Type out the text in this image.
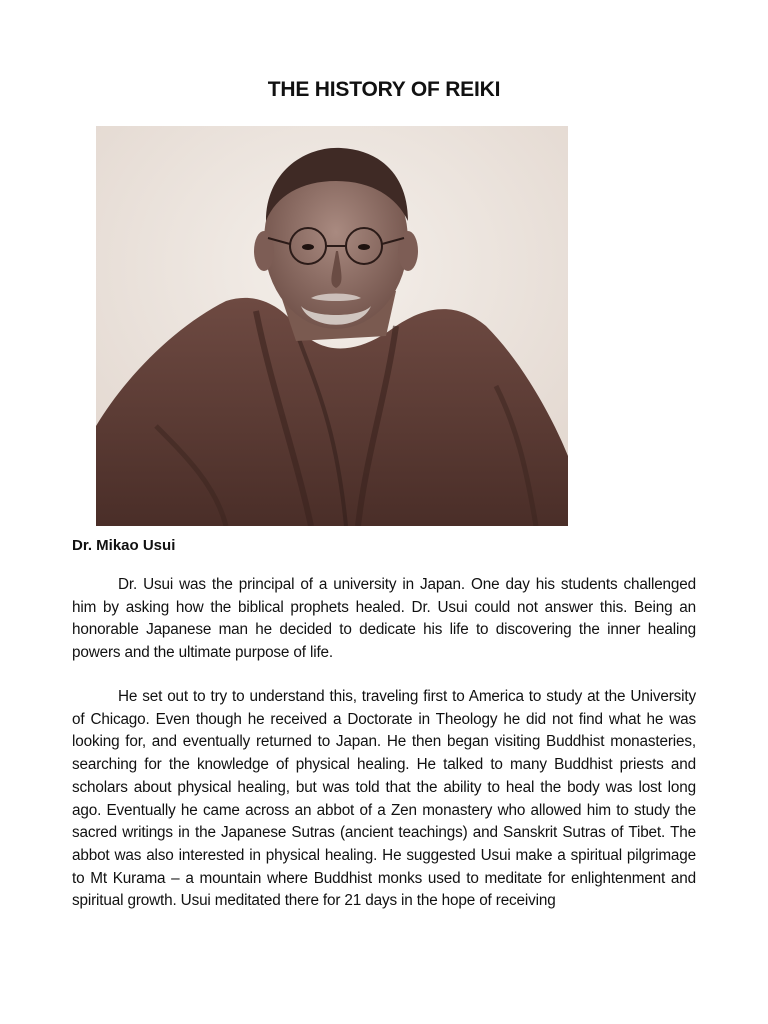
THE HISTORY OF REIKI
Dr. Mikao Usui

Dr. Usui was the principal of a university in Japan. One day his students challenged him by asking how the biblical prophets healed. Dr. Usui could not answer this. Being an honorable Japanese man he decided to dedicate his life to discovering the inner healing powers and the ultimate purpose of life.

He set out to try to understand this, traveling first to America to study at the University of Chicago. Even though he received a Doctorate in Theology he did not find what he was looking for, and eventually returned to Japan. He then began visiting Buddhist monasteries, searching for the knowledge of physical healing. He talked to many Buddhist priests and scholars about physical healing, but was told that the ability to heal the body was lost long ago. Eventually he came across an abbot of a Zen monastery who allowed him to study the sacred writings in the Japanese Sutras (ancient teachings) and Sanskrit Sutras of Tibet. The abbot was also interested in physical healing. He suggested Usui make a spiritual pilgrimage to Mt Kurama – a mountain where Buddhist monks used to meditate for enlightenment and spiritual growth. Usui meditated there for 21 days in the hope of receiving
